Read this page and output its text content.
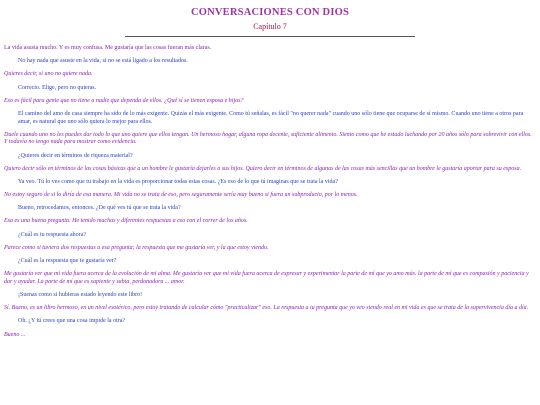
CONVERSACIONES CON DIOS
Capítulo 7

La vida asusta mucho. Y es muy confusa. Me gustaría que las cosas fueran más claras.

No hay nada que asuste en la vida, si no se está ligado a los resultados.

Quieres decir, si uno no quiere nada.

Correcto. Elige, pero no quieras.

Eso es fácil para gente que no tiene a nadie que dependa de ellos. ¿Qué sí se tienen esposa e hijos?

El camino del amo de casa siempre ha sido de lo más exigente. Quizás el más exigente. Como tú señalas, es fácil "no querer nada" cuando uno sólo tiene que ocuparse de sí mismo. Cuando uno tiene a otros para amar, es natural que uno sólo quiera lo mejor para ellos.

Duele cuando uno no les puedes dar todo lo que uno quiere que ellos tengan. Un hermoso hogar, alguna ropa decente, suficiente alimento. Siento como que he estado luchando por 20 años sólo para sobrevivir con ellos. Y todavía no tengo nada para mostrar como evidencia.

¿Quieres decir en términos de riqueza material?

Quiero decir sólo en términos de las cosas básicas que a un hombre le gustaría dejarles a sus hijos. Quiero decir en términos de algunas de las cosas más sencillas que un hombre le gustaría aportar para su esposa.

Ya veo. Tú lo ves como que tu trabajo en la vida es proporcionar todas estas cosas. ¿Es eso de lo que tú imaginas que se trata la vida?

No estoy seguro de si lo diría de esa manera. Mi vida no se trata de eso, pero seguramente sería muy bueno si fuera un subproducto, por lo menos.

Bueno, retrocedamos, entonces. ¿De qué ves tú que se trata la vida?

Esa es una buena pregunta. He tenido muchas y diferentes respuestas a eso con el correr de los años.

¿Cuál es tu respuesta ahora?

Parece como si tuviera dos respuestas a esa pregunta; la respuesta que me gustaría ver, y la que estoy viendo.

¿Cuál es la respuesta que te gustaría ver?

Me gustaría ver que mi vida fuera acerca de la evolución de mi alma. Me gustaría ver que mi vida fuera acerca de expresar y experimentar la parte de mí que yo amo más. la parte de mí que es compasión y paciencia y dar y ayudar. La parte de mí que es sapiente y sabia, perdonadora ... amor.

¡Suenas como si hubieras estado leyendo este libro!

Sí. Bueno, es un libro hermoso, en un nivel esotérico, pero estoy tratando de calcular cómo "practicalizar" eso. La respuesta a tu pregunta que yo veo siendo real en mi vida es que se trata de la supervivencia día a día.

Oh. ¿Y tú crees que una cosa impide la otra?

Bueno ...
